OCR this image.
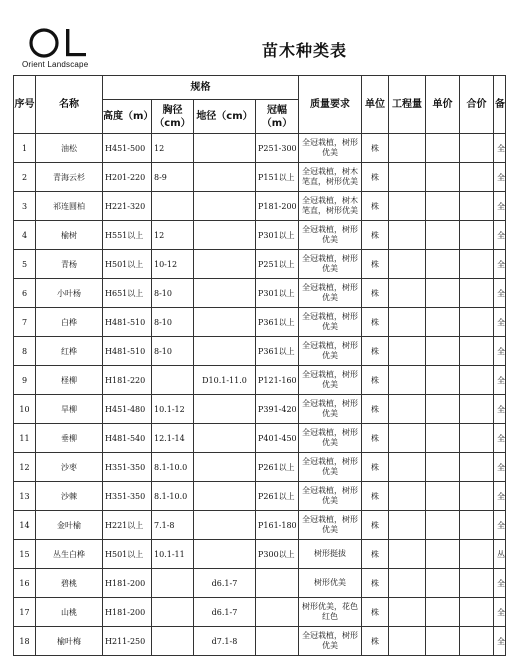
Orient Landscape
苗木种类表
序号	名称	规格				质量要求	单位	工程量	单价	合价	备
		高度（m）	胸径（cm）	地径（cm）	冠幅（m）						
1	油松	H451-500	12		P251-300	全冠栽植，树形优美	株				全
2	青海云杉	H201-220	8-9		P151以上	全冠栽植，树木笔直，树形优美	株				全
3	祁连圆柏	H221-320			P181-200	全冠栽植，树木笔直，树形优美	株				全
4	榆树	H551以上	12		P301以上	全冠栽植，树形优美	株				全
5	青杨	H501以上	10-12		P251以上	全冠栽植，树形优美	株				全
6	小叶杨	H651以上	8-10		P301以上	全冠栽植，树形优美	株				全
7	白桦	H481-510	8-10		P361以上	全冠栽植，树形优美	株				全
8	红桦	H481-510	8-10		P361以上	全冠栽植，树形优美	株				全
9	柽柳	H181-220		D10.1-11.0	P121-160	全冠栽植，树形优美	株				全
10	旱柳	H451-480	10.1-12		P391-420	全冠栽植，树形优美	株				全
11	垂柳	H481-540	12.1-14		P401-450	全冠栽植，树形优美	株				全
12	沙枣	H351-350	8.1-10.0		P261以上	全冠栽植，树形优美	株				全
13	沙棘	H351-350	8.1-10.0		P261以上	全冠栽植，树形优美	株				全
14	金叶榆	H221以上	7.1-8		P161-180	全冠栽植，树形优美	株				全
15	丛生白桦	H501以上	10.1-11		P300以上	树形挺拔	株				丛
16	碧桃	H181-200		d6.1-7		树形优美	株				全
17	山桃	H181-200		d6.1-7		树形优美，花色红色	株				全
18	榆叶梅	H211-250		d7.1-8		全冠栽植，树形优美	株				全
